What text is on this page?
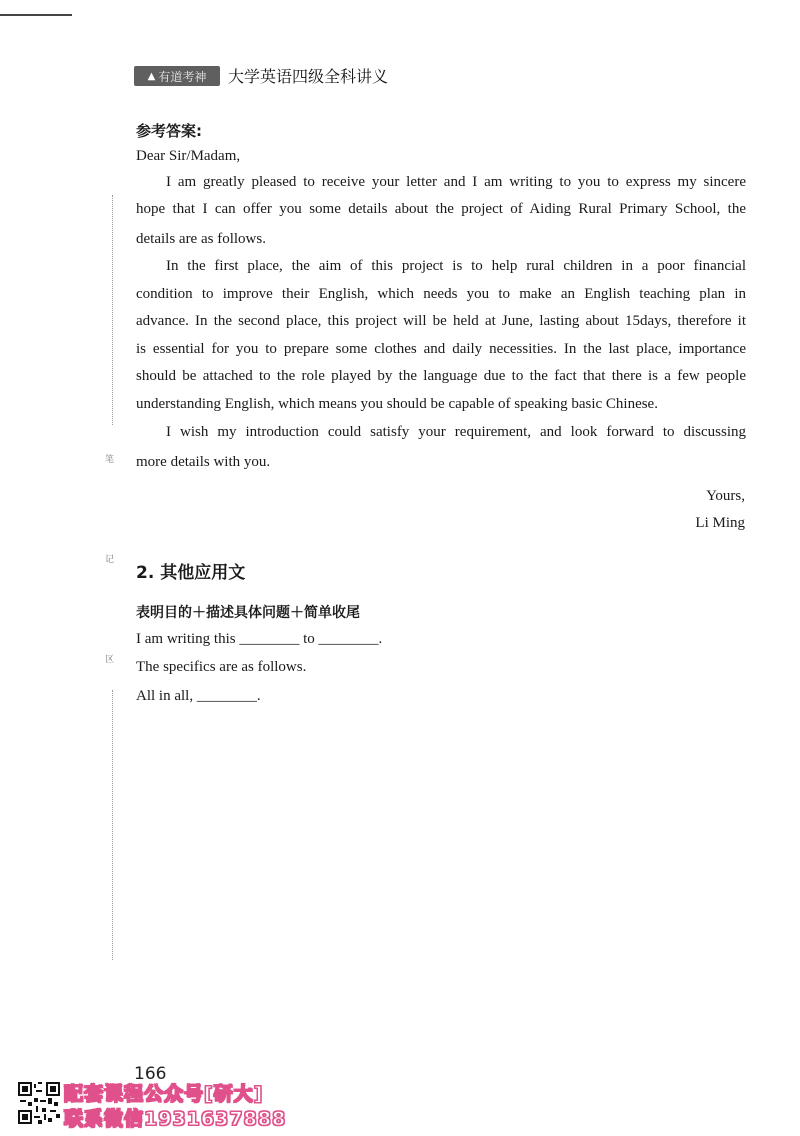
▲ 有道考神 大学英语四级全科讲义
参考答案:
Dear Sir/Madam,
I am greatly pleased to receive your letter and I am writing to you to express my sincere
hope that I can offer you some details about the project of Aiding Rural Primary School, the
details are as follows.
In the first place, the aim of this project is to help rural children in a poor financial
condition to improve their English, which needs you to make an English teaching plan in
advance. In the second place, this project will be held at June, lasting about 15days, therefore it
is essential for you to prepare some clothes and daily necessities. In the last place, importance
should be attached to the role played by the language due to the fact that there is a few people
understanding English, which means you should be capable of speaking basic Chinese.
I wish my introduction could satisfy your requirement, and look forward to discussing
more details with you.
Yours,
Li Ming
笔
记
区
2. 其他应用文
表明目的＋描述具体问题＋简单收尾
I am writing this ________ to ________.
The specifics are as follows.
All in all, ________.
166
配套课程公众号[研大]
联系微信1931637888
